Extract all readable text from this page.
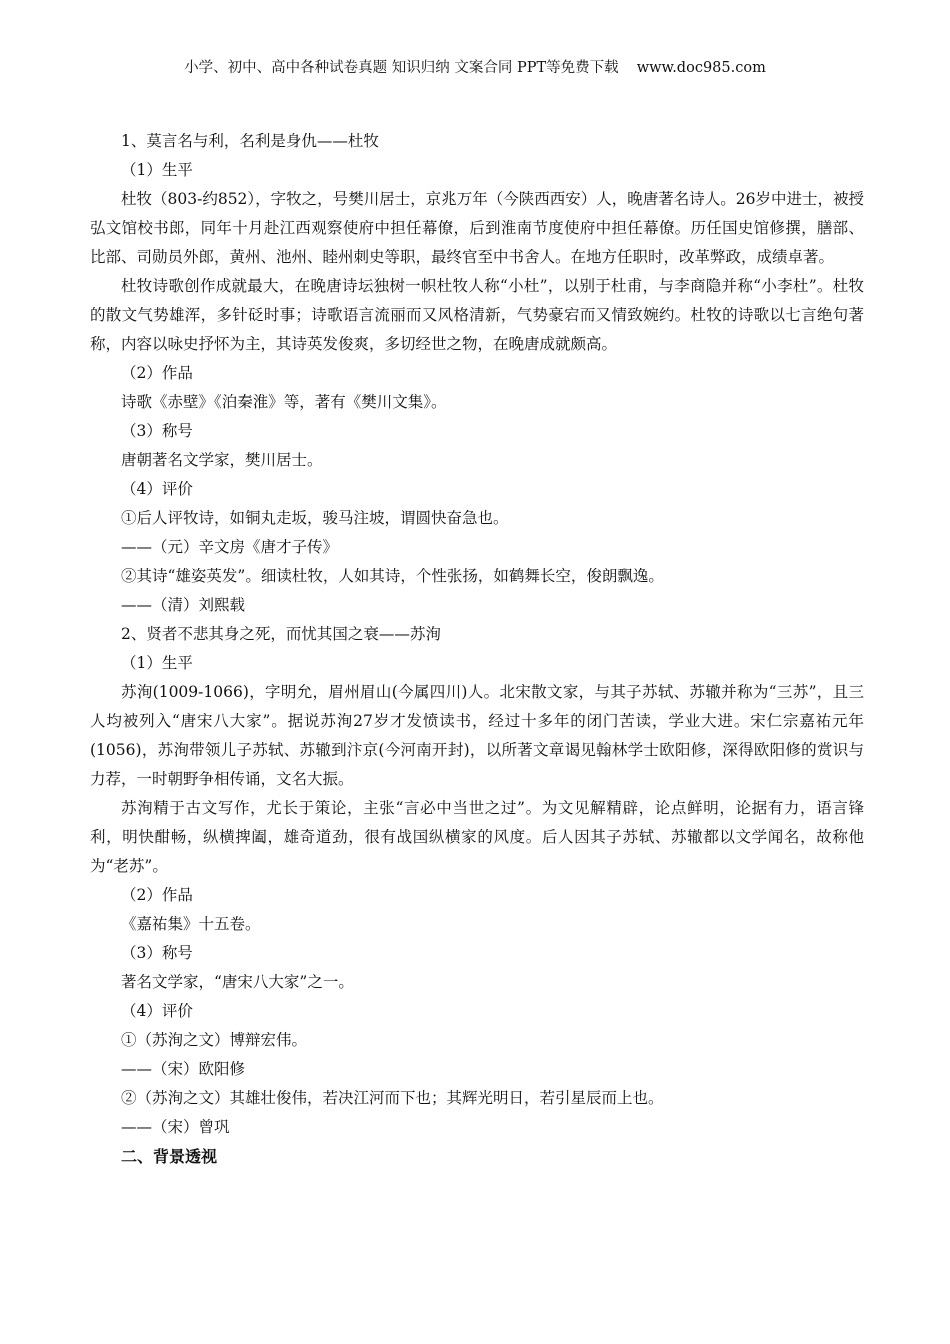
小学、初中、高中各种试卷真题 知识归纳 文案合同 PPT等免费下载 www.doc985.com

1、莫言名与利，名利是身仇——杜牧

（1）生平

杜牧（803-约852），字牧之，号樊川居士，京兆万年（今陕西西安）人，晚唐著名诗人。26岁中进士，被授弘文馆校书郎，同年十月赴江西观察使府中担任幕僚，后到淮南节度使府中担任幕僚。历任国史馆修撰，膳部、比部、司勋员外郎，黄州、池州、睦州刺史等职，最终官至中书舍人。在地方任职时，改革弊政，成绩卓著。

杜牧诗歌创作成就最大，在晚唐诗坛独树一帜杜牧人称“小杜”，以别于杜甫，与李商隐并称“小李杜”。杜牧的散文气势雄浑，多针砭时事；诗歌语言流丽而又风格清新，气势豪宕而又情致婉约。杜牧的诗歌以七言绝句著称，内容以咏史抒怀为主，其诗英发俊爽，多切经世之物，在晚唐成就颇高。

（2）作品

诗歌《赤壁》《泊秦淮》等，著有《樊川文集》。

（3）称号

唐朝著名文学家，樊川居士。

（4）评价

①后人评牧诗，如铜丸走坂，骏马注坡，谓圆快奋急也。

——（元）辛文房《唐才子传》

②其诗“雄姿英发”。细读杜牧，人如其诗，个性张扬，如鹤舞长空，俊朗飘逸。

——（清）刘熙载

2、贤者不悲其身之死，而忧其国之衰——苏洵

（1）生平

苏洵(1009-1066)，字明允，眉州眉山(今属四川)人。北宋散文家，与其子苏轼、苏辙并称为“三苏”，且三人均被列入“唐宋八大家”。据说苏洵27岁才发愤读书，经过十多年的闭门苦读，学业大进。宋仁宗嘉祐元年(1056)，苏洵带领儿子苏轼、苏辙到汴京(今河南开封)，以所著文章谒见翰林学士欧阳修，深得欧阳修的赏识与力荐，一时朝野争相传诵，文名大振。

苏洵精于古文写作，尤长于策论，主张“言必中当世之过”。为文见解精辟，论点鲜明，论据有力，语言锋利，明快酣畅，纵横捭阖，雄奇道劲，很有战国纵横家的风度。后人因其子苏轼、苏辙都以文学闻名，故称他为“老苏”。

（2）作品

《嘉祐集》十五卷。

（3）称号

著名文学家，“唐宋八大家”之一。

（4）评价

①（苏洵之文）博辩宏伟。

——（宋）欧阳修

②（苏洵之文）其雄壮俊伟，若决江河而下也；其辉光明日，若引星辰而上也。

——（宋）曾巩

二、背景透视
